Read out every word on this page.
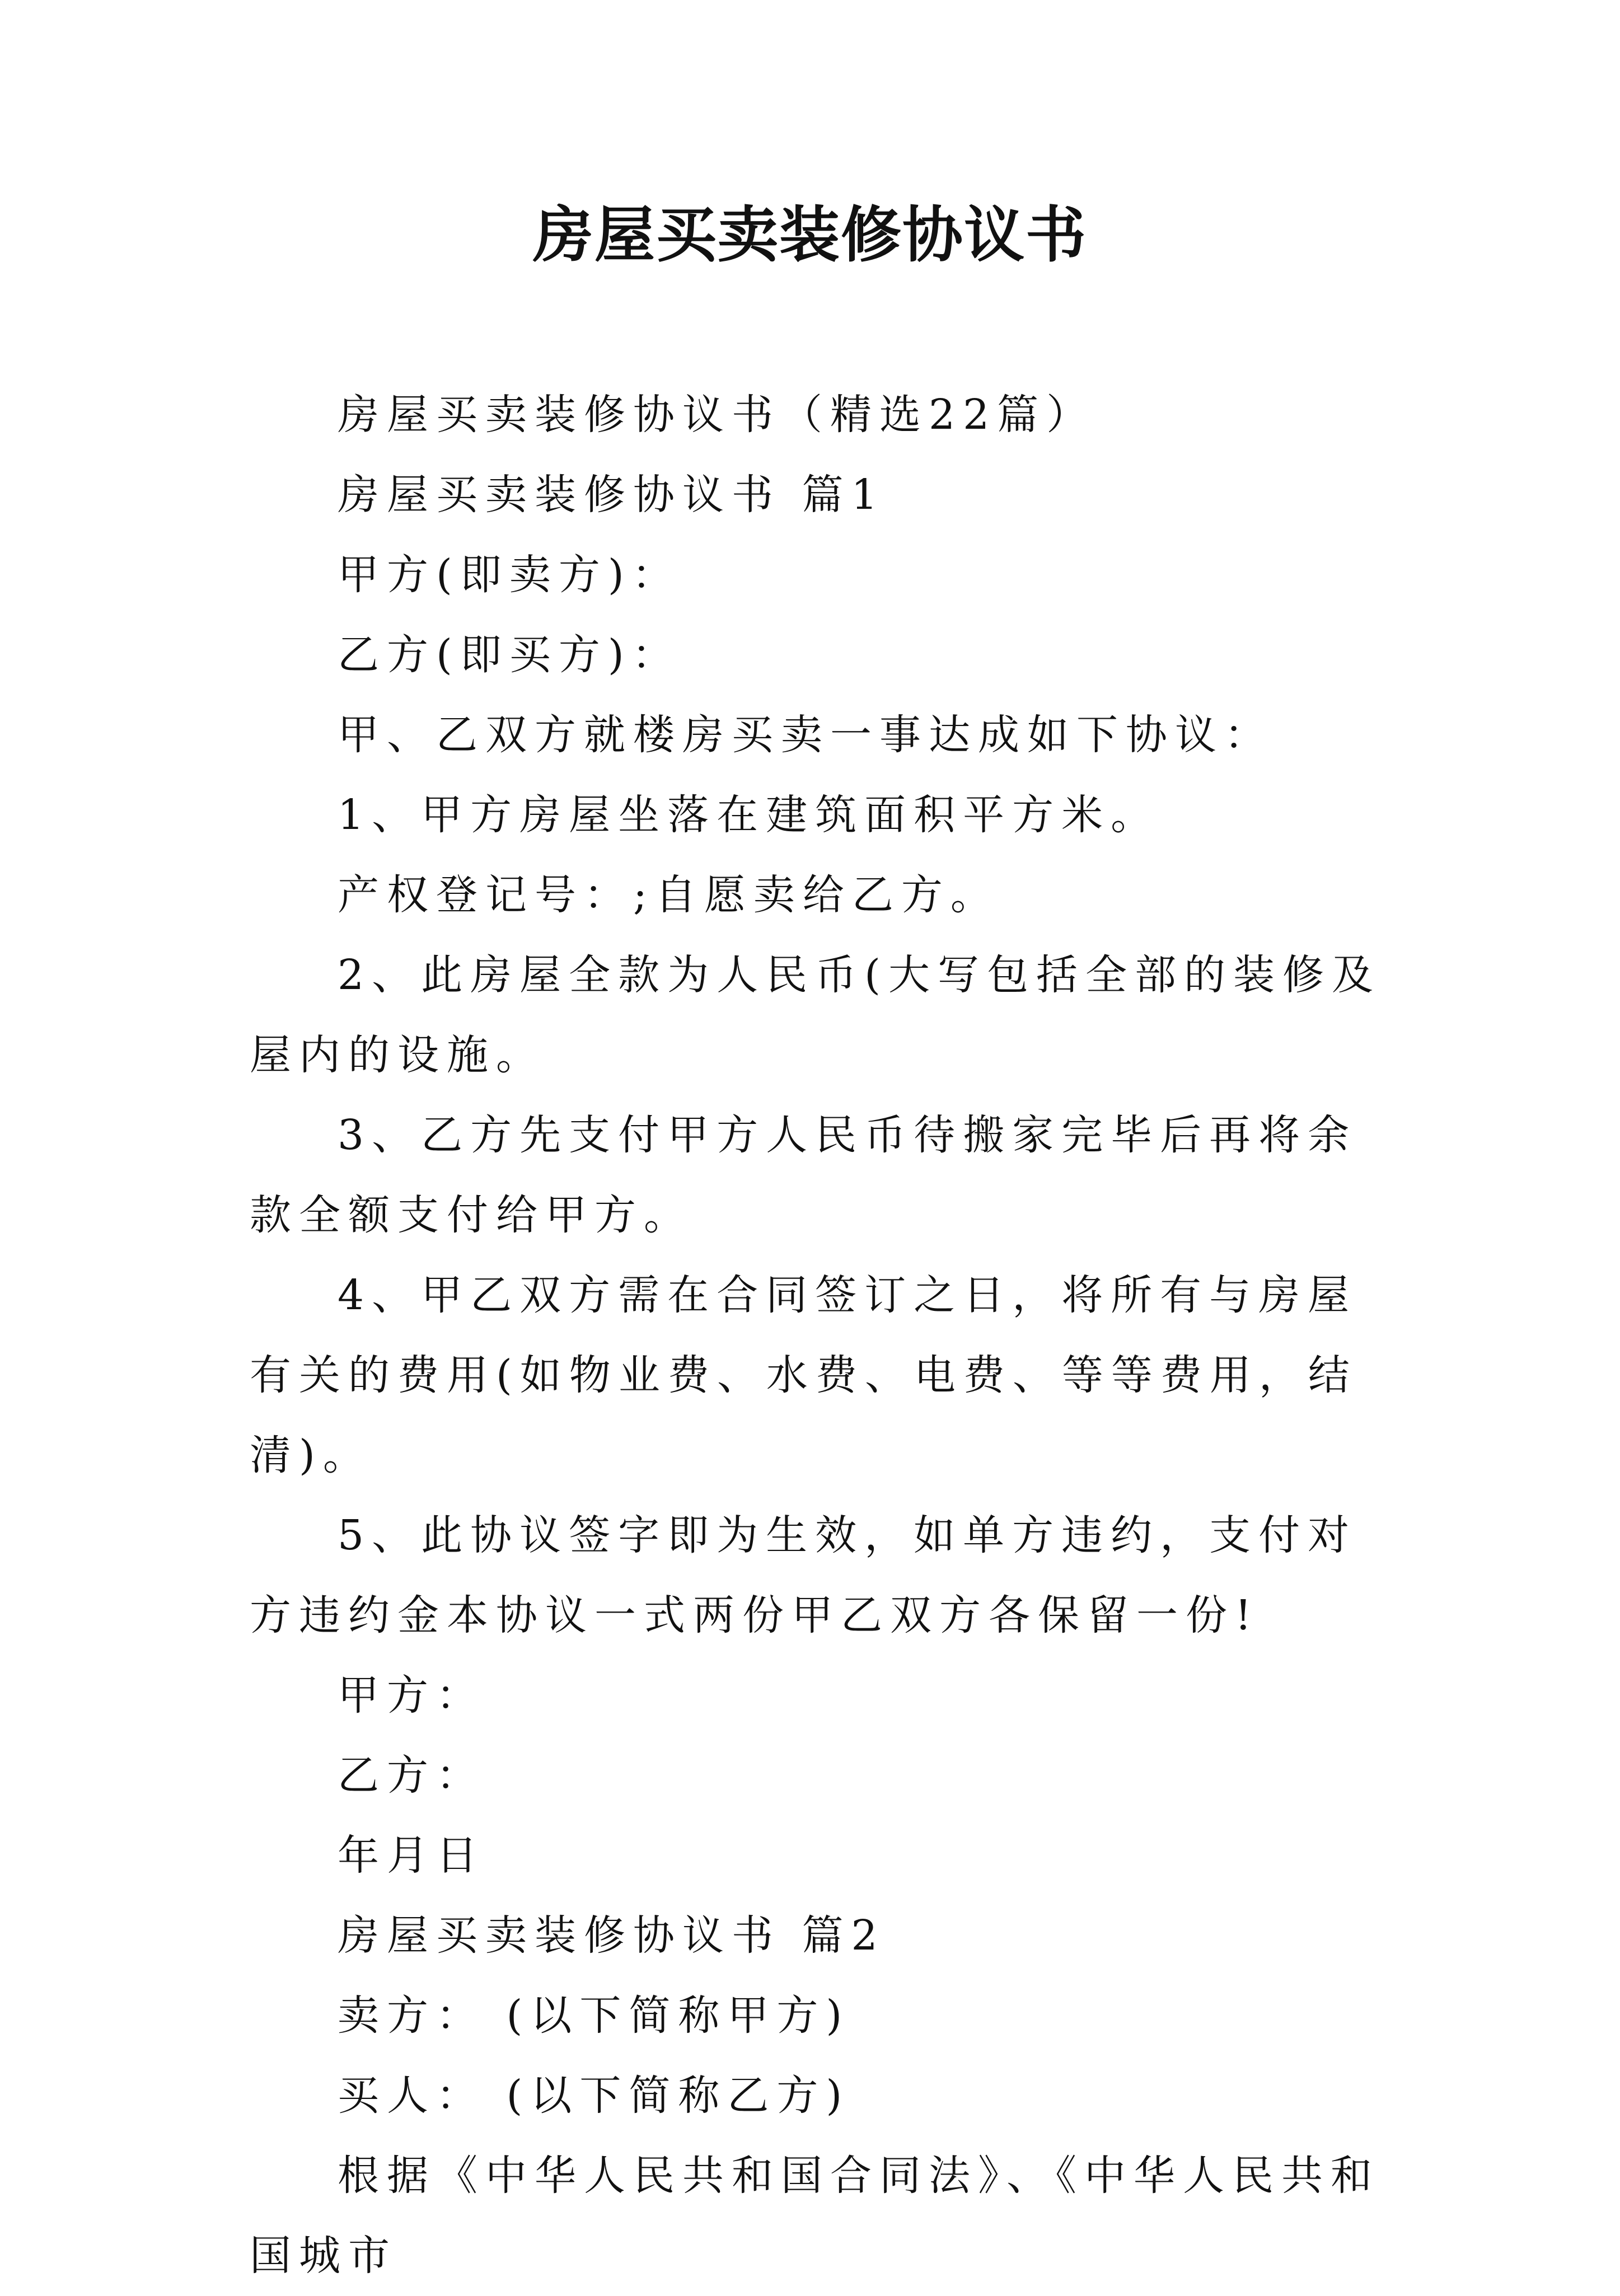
房屋买卖装修协议书

房屋买卖装修协议书（精选22篇）

房屋买卖装修协议书 篇1

甲方(即卖方)：

乙方(即买方)：

甲、乙双方就楼房买卖一事达成如下协议：

1、甲方房屋坐落在建筑面积平方米。

产权登记号：;自愿卖给乙方。

2、此房屋全款为人民币(大写包括全部的装修及屋内的设施。

3、乙方先支付甲方人民币待搬家完毕后再将余款全额支付给甲方。

4、甲乙双方需在合同签订之日，将所有与房屋有关的费用(如物业费、水费、电费、等等费用，结清)。

5、此协议签字即为生效，如单方违约，支付对方违约金本协议一式两份甲乙双方各保留一份!

甲方：

乙方：

年月日

房屋买卖装修协议书 篇2

卖方： (以下简称甲方)

买人： (以下简称乙方)

根据《中华人民共和国合同法》、《中华人民共和国城市
